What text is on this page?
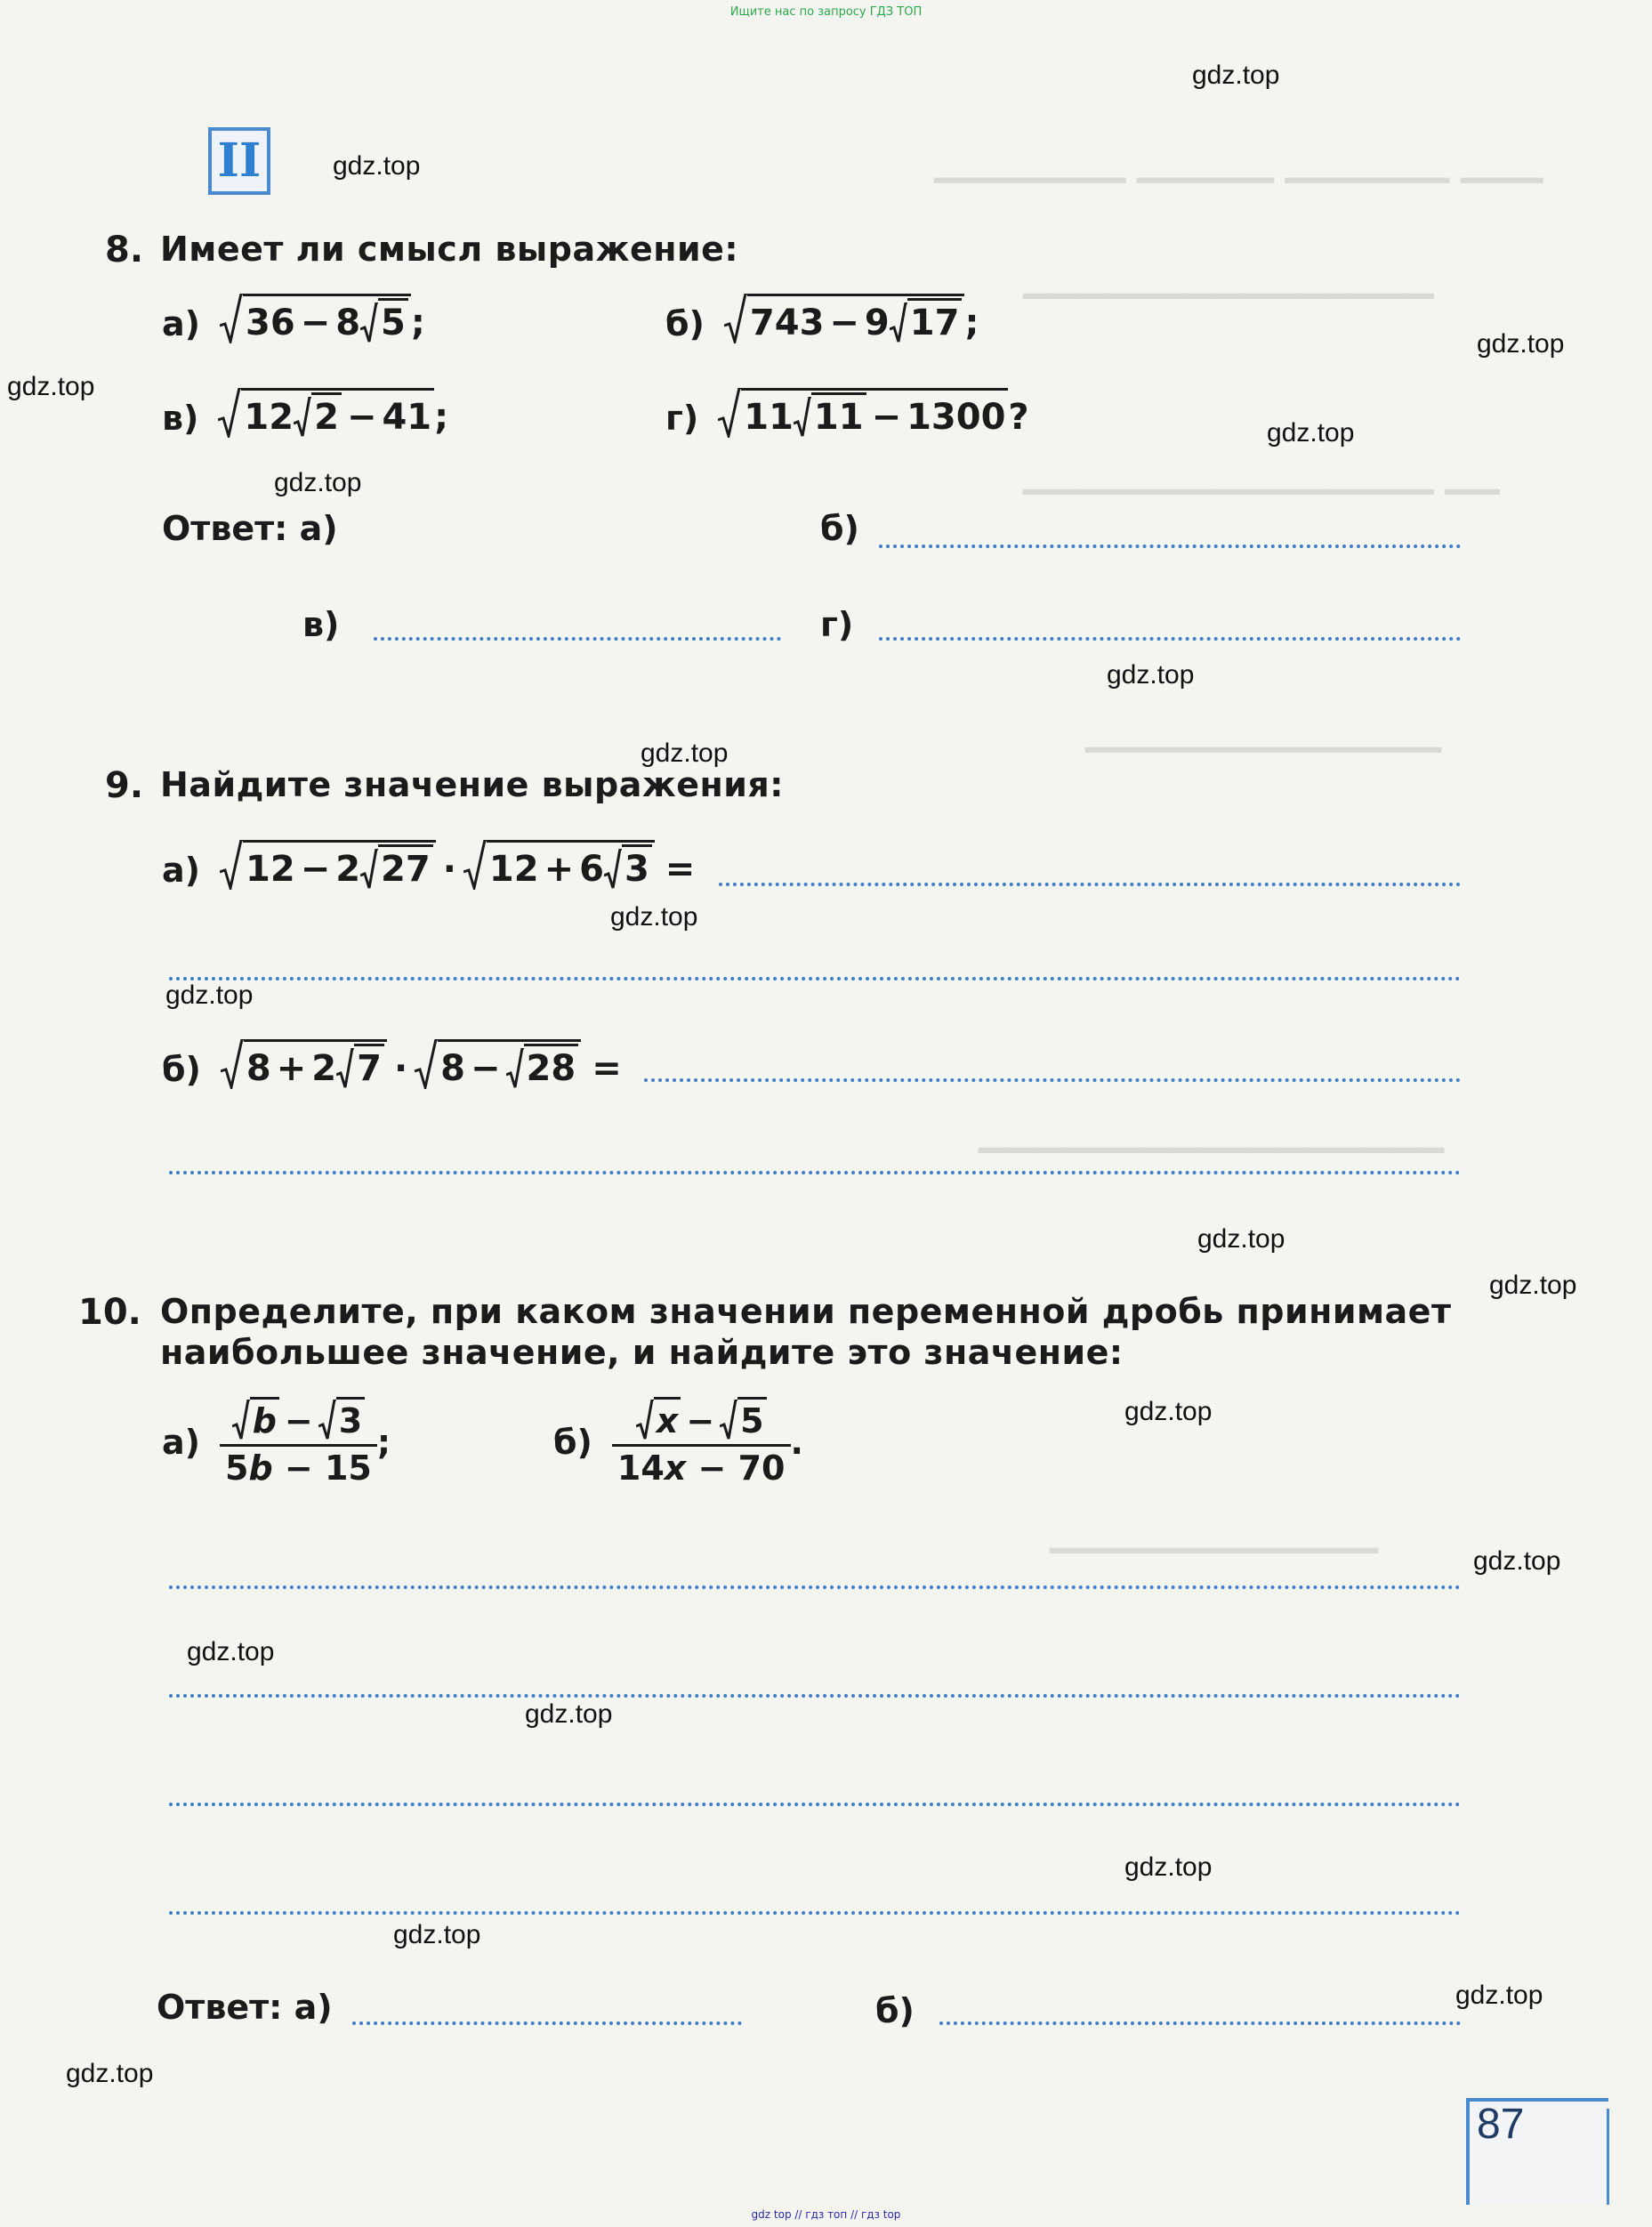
Ищите нас по запросу ГДЗ ТОП
gdz top // гдз топ // гдз top
▁▁▁ ▁▁▁▁▁▁ ▁▁▁▁▁ ▁▁▁▁▁▁▁
▁▁▁▁▁▁▁▁▁▁▁▁▁▁▁
▁▁ ▁▁▁▁▁▁▁▁▁▁▁▁▁▁▁
▁▁▁▁▁▁▁▁▁▁▁▁▁
▁▁▁▁▁▁▁▁▁▁▁▁▁▁▁▁▁
▁▁▁▁▁▁▁▁▁▁▁▁
II
gdz.top
gdz.top
gdz.top
gdz.top
gdz.top
gdz.top
gdz.top
gdz.top
gdz.top
gdz.top
gdz.top
gdz.top
gdz.top
gdz.top
gdz.top
gdz.top
gdz.top
gdz.top
gdz.top
gdz.top
8. Имеет ли смысл выражение:
а) 36 − 8 5 ;	б) 743 − 9 17 ;
в) 12 2 − 41 ;	г) 11 11 − 1300 ?
Ответ: а)	б)
в)	г)
9. Найдите значение выражения:
а) 12 − 2 27 · 12 + 6 3 =
б) 8 + 2 7 · 8 − 28 =
10. Определите, при каком значении переменной дробь принимает
наибольшее значение, и найдите это значение:
$а) \frac{b - 3}{5b - 15}$ ;	$б) \frac{x - 5}{14x - 70}$ .
Ответ: а)	б)
87
